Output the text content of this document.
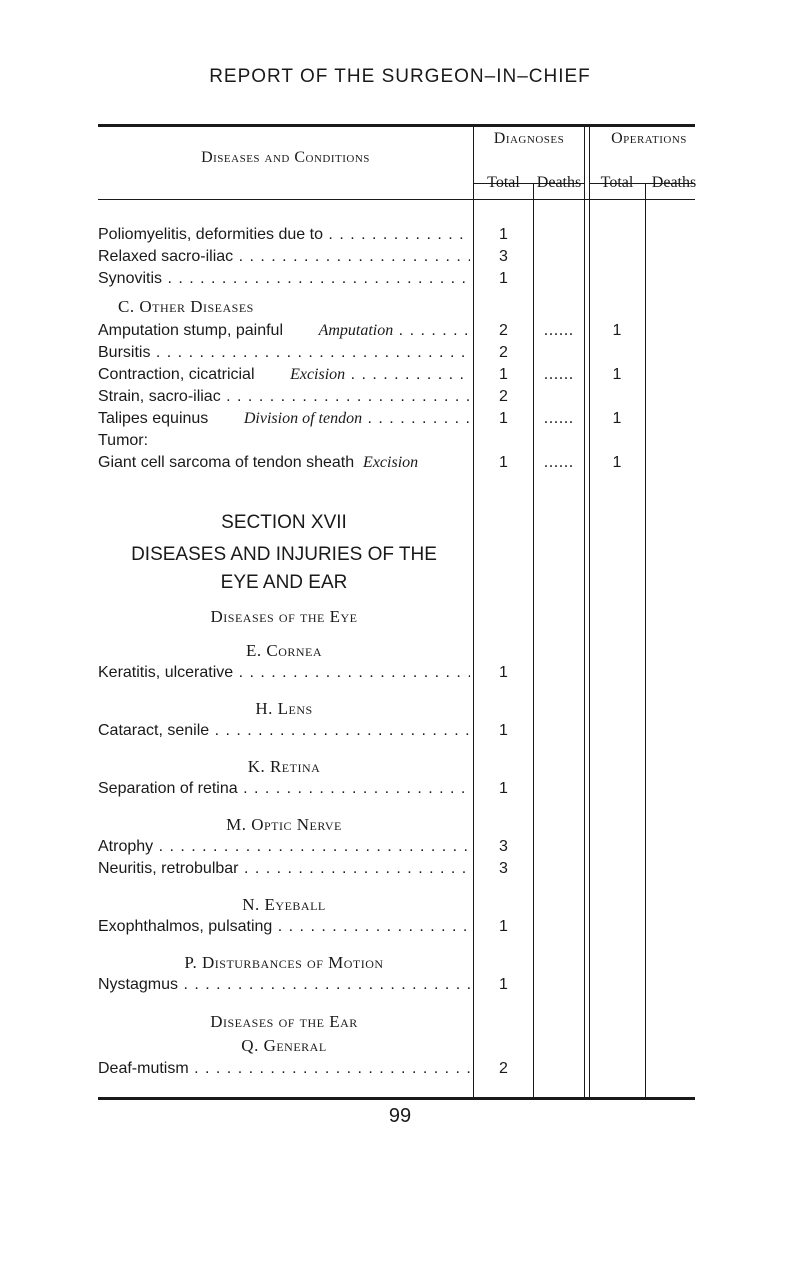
REPORT OF THE SURGEON–IN–CHIEF
Diseases and Conditions
Diagnoses	Operations
Total	Deaths	Total	Deaths
Poliomyelitis, deformities due to . . .	1
Relaxed sacro-iliac . . .	3
Synovitis . . .	1
C. Other Diseases
Amputation stump, painful Amputation . . .	2	......	1
Bursitis . . .	2
Contraction, cicatricial Excision . . .	1	......	1
Strain, sacro-iliac . . .	2
Talipes equinus Division of tendon . . .	1	......	1
Tumor:
Giant cell sarcoma of tendon sheath Excision	1	......	1
SECTION XVII
DISEASES AND INJURIES OF THE
EYE AND EAR
Diseases of the Eye
E. Cornea
Keratitis, ulcerative . . .	1
H. Lens
Cataract, senile . . .	1
K. Retina
Separation of retina . . .	1
M. Optic Nerve
Atrophy . . .	3
Neuritis, retrobulbar . . .	3
N. Eyeball
Exophthalmos, pulsating . . .	1
P. Disturbances of Motion
Nystagmus . . .	1
Diseases of the Ear
Q. General
Deaf-mutism . . .	2
99
